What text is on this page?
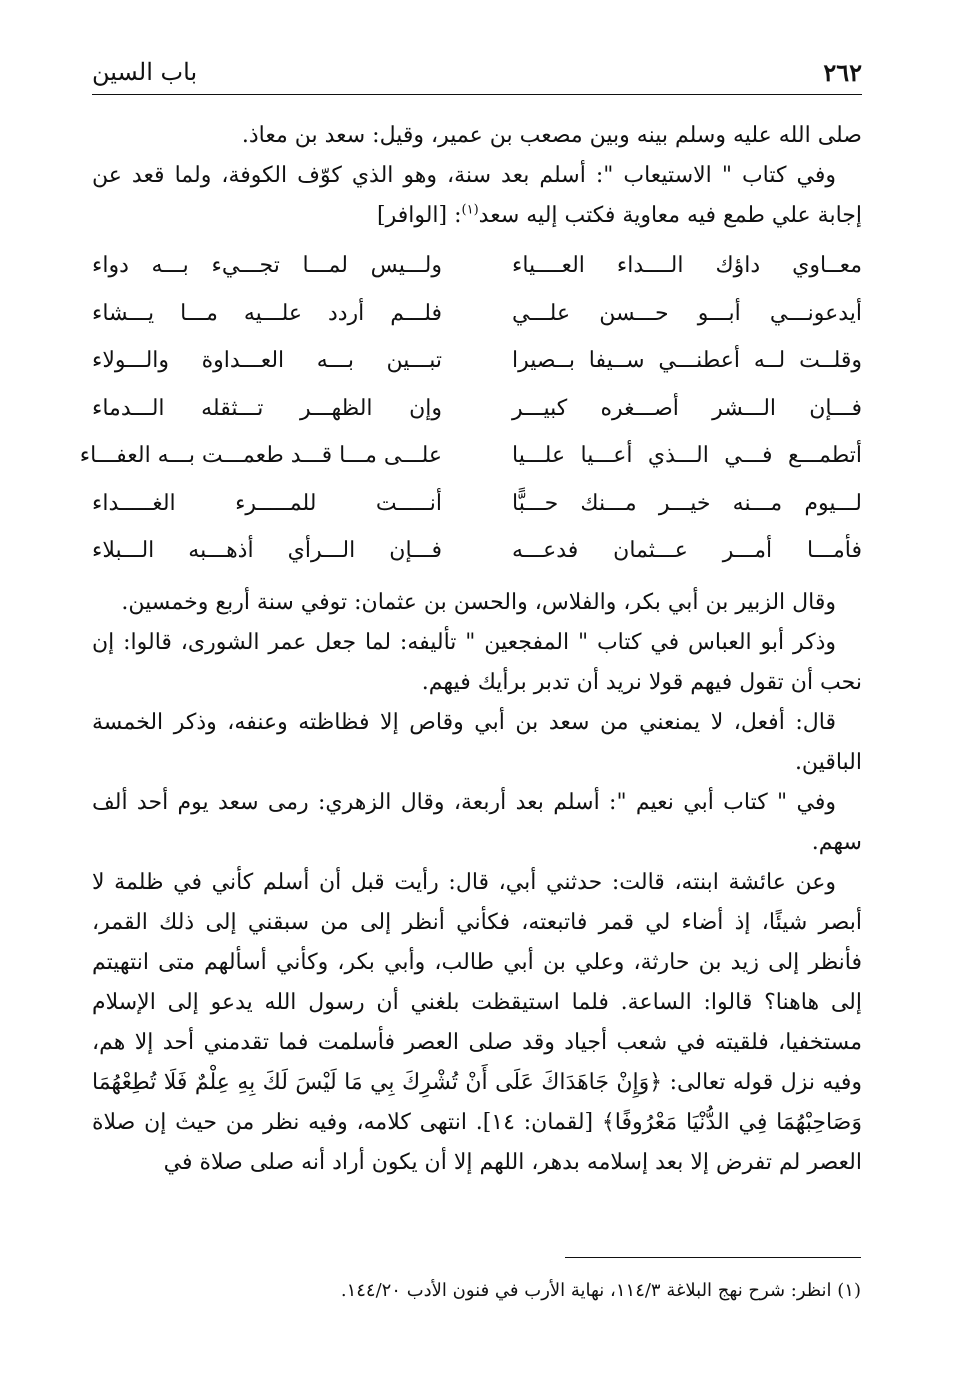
٢٦٢
باب السين

صلى الله عليه وسلم بينه وبين مصعب بن عمير، وقيل: سعد بن معاذ.

وفي كتاب " الاستيعاب ": أسلم بعد سنة، وهو الذي كوّف الكوفة، ولما قعد عن إجابة علي طمع فيه معاوية فكتب إليه سعد$^{(١)}$: [الوافر]

معــاوي داؤك الــــداء العــــياء
ولـــيس لمـــا تجـــيء بـــه دواء
أيدعونـــي أبـــو حـــسن علـــي
فلـــم أردد علـــيه مـــا يـــشاء
وقلــت لــه أعطنـــي ســيفا بــصيرا
تبـــين بـــه العـــداوة والـــولاء
فـــإن الـــشر أصـــغره كبيـــر
وإن الظهـــر تـــثقله الـــدماء
أتطمـــع فـــي الـــذي أعـــيا علـــيا
علـــى مـــا قـــد طعمـــت بـــه العفـــاء
لـــيوم مـــنه خيـــر مـــنك حـــبًّا
أنـــــت للمـــــرء الغـــــداء
فأمـــا أمـــر عـــثمان فدعـــه
فـــإن الـــرأي أذهـــبه الـــبلاء

وقال الزبير بن أبي بكر، والفلاس، والحسن بن عثمان: توفي سنة أربع وخمسين.

وذكر أبو العباس في كتاب " المفجعين " تأليفه: لما جعل عمر الشورى، قالوا: إن نحب أن تقول فيهم قولا نريد أن تدبر برأيك فيهم.

قال: أفعل، لا يمنعني من سعد بن أبي وقاص إلا فظاظته وعنفه، وذكر الخمسة الباقين.

وفي " كتاب أبي نعيم ": أسلم بعد أربعة، وقال الزهري: رمى سعد يوم أحد ألف سهم.

وعن عائشة ابنته، قالت: حدثني أبي، قال: رأيت قبل أن أسلم كأني في ظلمة لا أبصر شيئًا، إذ أضاء لي قمر فاتبعته، فكأني أنظر إلى من سبقني إلى ذلك القمر، فأنظر إلى زيد بن حارثة، وعلي بن أبي طالب، وأبي بكر، وكأني أسألهم متى انتهيتم إلى هاهنا؟ قالوا: الساعة. فلما استيقظت بلغني أن رسول الله يدعو إلى الإسلام مستخفيا، فلقيته في شعب أجياد وقد صلى العصر فأسلمت فما تقدمني أحد إلا هم، وفيه نزل قوله تعالى: ﴿وَإِنْ جَاهَدَاكَ عَلَى أَنْ تُشْرِكَ بِي مَا لَيْسَ لَكَ بِهِ عِلْمٌ فَلَا تُطِعْهُمَا وَصَاحِبْهُمَا فِي الدُّنْيَا مَعْرُوفًا﴾ [لقمان: ١٤]. انتهى كلامه، وفيه نظر من حيث إن صلاة العصر لم تفرض إلا بعد إسلامه بدهر، اللهم إلا أن يكون أراد أنه صلى صلاة في

(١) انظر: شرح نهج البلاغة ١١٤/٣، نهاية الأرب في فنون الأدب ١٤٤/٢٠.
